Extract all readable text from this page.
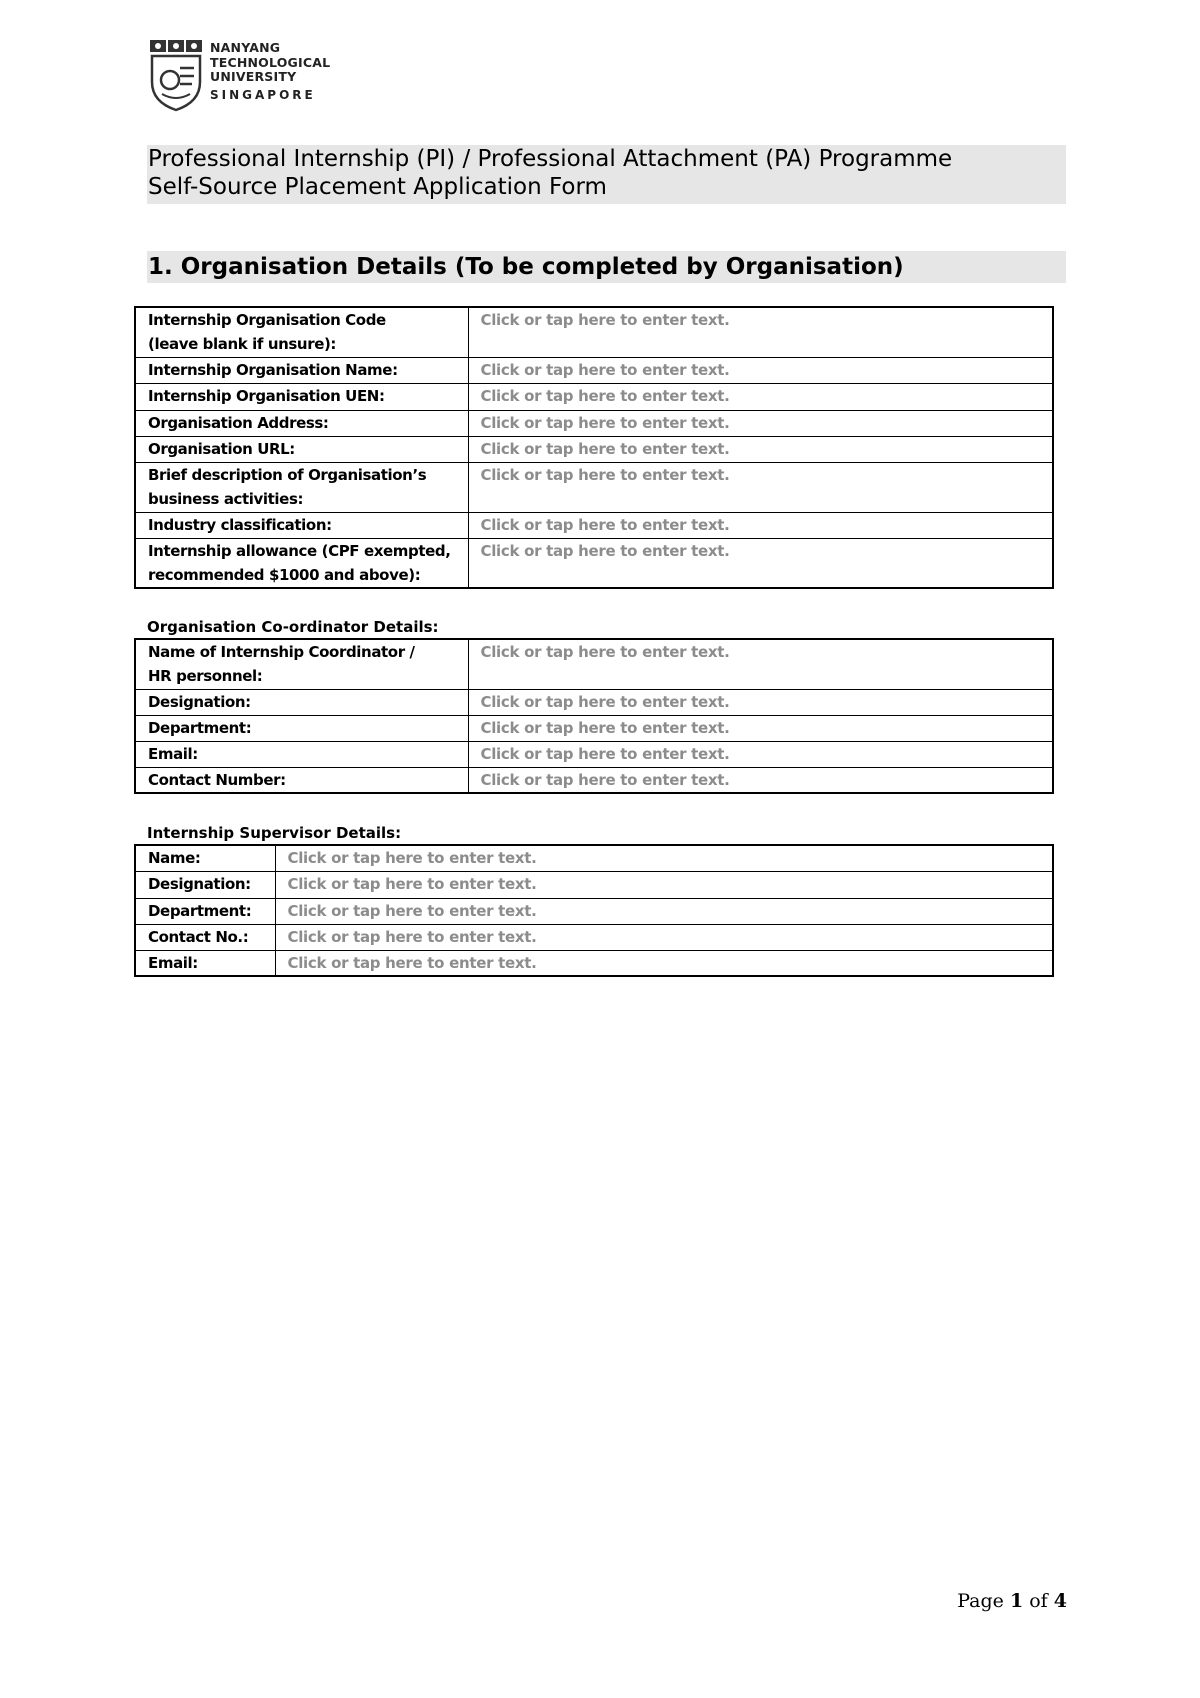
NANYANG
TECHNOLOGICAL
UNIVERSITY
SINGAPORE
Professional Internship (PI) / Professional Attachment (PA) Programme
Self-Source Placement Application Form
1. Organisation Details (To be completed by Organisation)
Internship Organisation Code
(leave blank if unsure):	Click or tap here to enter text.
Internship Organisation Name:	Click or tap here to enter text.
Internship Organisation UEN:	Click or tap here to enter text.
Organisation Address:	Click or tap here to enter text.
Organisation URL:	Click or tap here to enter text.

Brief description of Organisation’s
business activities:	Click or tap here to enter text.
Industry classification:	Click or tap here to enter text.

Internship allowance (CPF exempted,
recommended $1000 and above):	Click or tap here to enter text.
Organisation Co-ordinator Details:
Name of Internship Coordinator /
HR personnel:	Click or tap here to enter text.
Designation:	Click or tap here to enter text.
Department:	Click or tap here to enter text.
Email:	Click or tap here to enter text.
Contact Number:	Click or tap here to enter text.
Internship Supervisor Details:
Name:	Click or tap here to enter text.
Designation:	Click or tap here to enter text.
Department:	Click or tap here to enter text.
Contact No.:	Click or tap here to enter text.
Email:	Click or tap here to enter text.
Page 1 of 4
